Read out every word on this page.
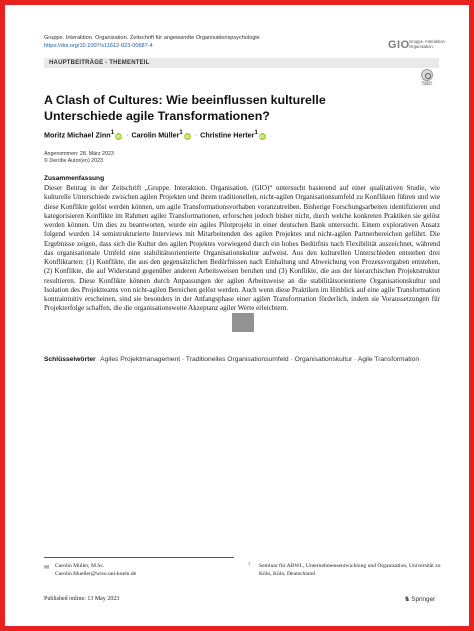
Gruppe. Interaktion. Organisation. Zeitschrift für angewandte Organisationspsychologie
https://doi.org/10.1007/s11612-023-00687-4	GIO Gruppe. Interaktion. Organisation.
HAUPTBEITRÄGE - THEMENTEIL
Check for updates
A Clash of Cultures: Wie beeinflussen kulturelle Unterschiede agile Transformationen?
Moritz Michael Zinn$^1$iD · Carolin Müller$^1$iD · Christine Herter$^1$iD
Angenommen: 28. März 2023
© Der/die Autor(en) 2023
Zusammenfassung

Dieser Beitrag in der Zeitschrift „Gruppe. Interaktion. Organisation. (GIO)“ untersucht basierend auf einer qualitativen Studie, wie kulturelle Unterschiede zwischen agilen Projekten und ihrem traditionellen, nicht-agilen Organisationsumfeld zu Konflikten führen und wie diese Konflikte gelöst werden können, um agile Transformationsvorhaben voranzutreiben. Bisherige Forschungsarbeiten identifizieren und kategorisieren Konflikte im Rahmen agiler Transformationen, erforschen jedoch bisher nicht, durch welche konkreten Praktiken sie gelöst werden können. Um dies zu beantworten, wurde ein agiles Pilotprojekt in einer deutschen Bank untersucht. Einem explorativen Ansatz folgend wurden 14 semistrukturierte Interviews mit Mitarbeitenden des agilen Projektes und nicht-agilen Partnerbereichen geführt. Die Ergebnisse zeigen, dass sich die Kultur des agilen Projektes vorwiegend durch ein hohes Bedürfnis nach Flexibilität auszeichnet, während das organisationale Umfeld eine stabilitätsorientierte Organisationskultur aufweist. Aus den kulturellen Unterschieden entstehen drei Konfliktarten: (1) Konflikte, die aus den gegensätzlichen Bedürfnissen nach Einhaltung und Abweichung von Prozessvorgaben entstehen, (2) Konflikte, die auf Widerstand gegenüber anderen Arbeitsweisen beruhen und (3) Konflikte, die aus der hierarchischen Projektstruktur resultieren. Diese Konflikte können durch Anpassungen der agilen Arbeitsweise an die stabilitätsorientierte Organisationskultur und Isolation des Projektteams von nicht-agilen Bereichen gelöst werden. Auch wenn diese Praktiken im Hinblick auf eine agile Transformation kontraintuitiv erscheinen, sind sie besonders in der Anfangsphase einer agilen Transformation förderlich, indem sie Voraussetzungen für Projekterfolge schaffen, die die organisationsweite Akzeptanz agiler Werte erleichtern.

Schlüsselwörter Agiles Projektmanagement · Traditionelles Organisationsumfeld · Organisationskultur · Agile Transformation
✉ Carolin Müller, M.Sc.
Carolin.Mueller@wiso.uni-koeln.de
1 Seminar für ABWL, Unternehmensentwicklung und Organisation, Universität zu Köln, Köln, Deutschland
Published online: 13 May 2023	♞Springer
